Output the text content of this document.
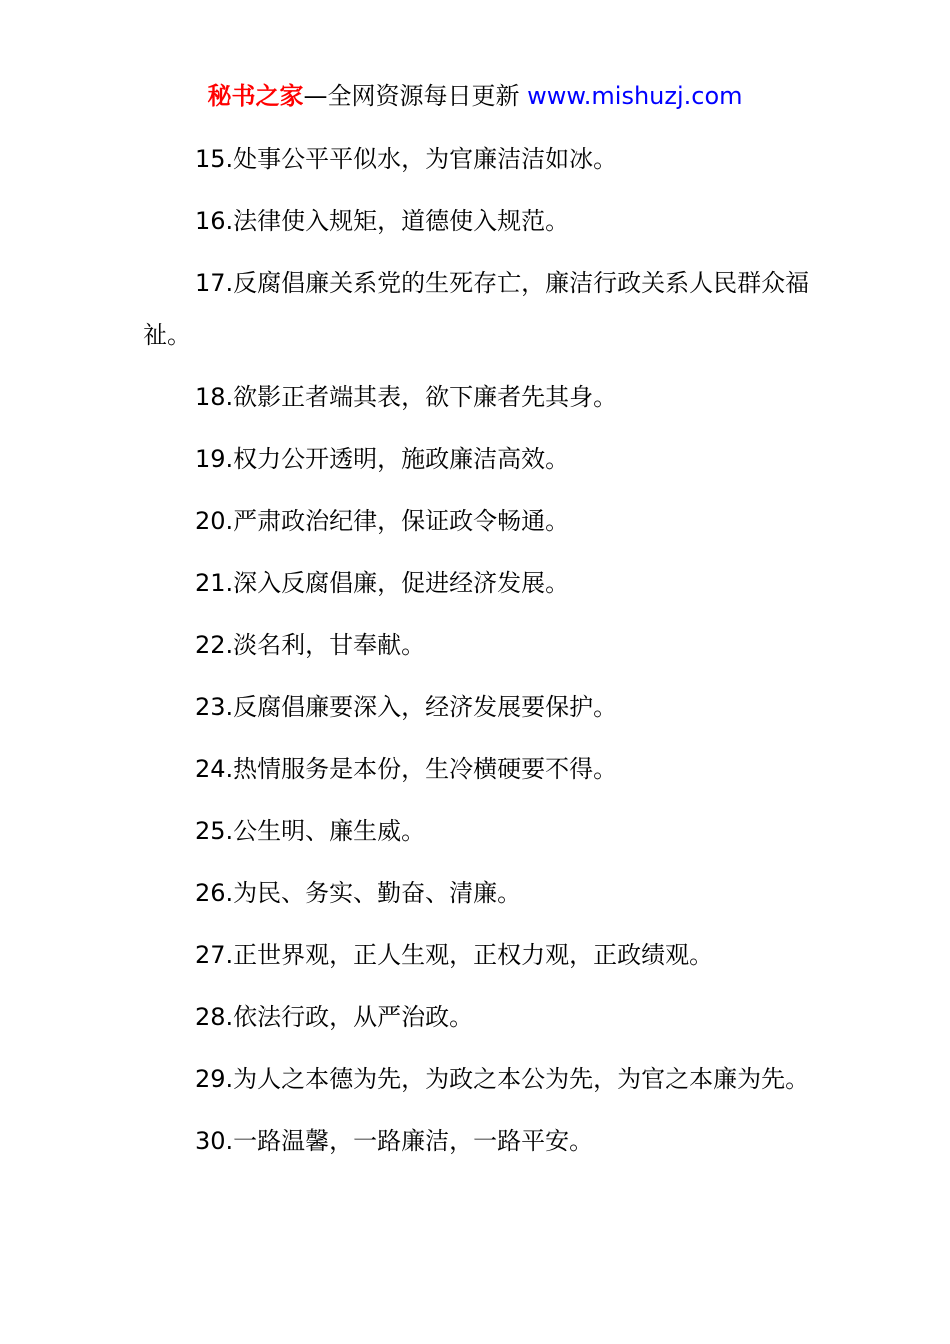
秘书之家—全网资源每日更新 www.mishuzj.com

15.处事公平平似水，为官廉洁洁如冰。

16.法律使入规矩，道德使入规范。

17.反腐倡廉关系党的生死存亡，廉洁行政关系人民群众福祉。

18.欲影正者端其表，欲下廉者先其身。

19.权力公开透明，施政廉洁高效。

20.严肃政治纪律，保证政令畅通。

21.深入反腐倡廉，促进经济发展。

22.淡名利，甘奉献。

23.反腐倡廉要深入，经济发展要保护。

24.热情服务是本份，生冷横硬要不得。

25.公生明、廉生威。

26.为民、务实、勤奋、清廉。

27.正世界观，正人生观，正权力观，正政绩观。

28.依法行政，从严治政。

29.为人之本德为先，为政之本公为先，为官之本廉为先。

30.一路温馨，一路廉洁，一路平安。
